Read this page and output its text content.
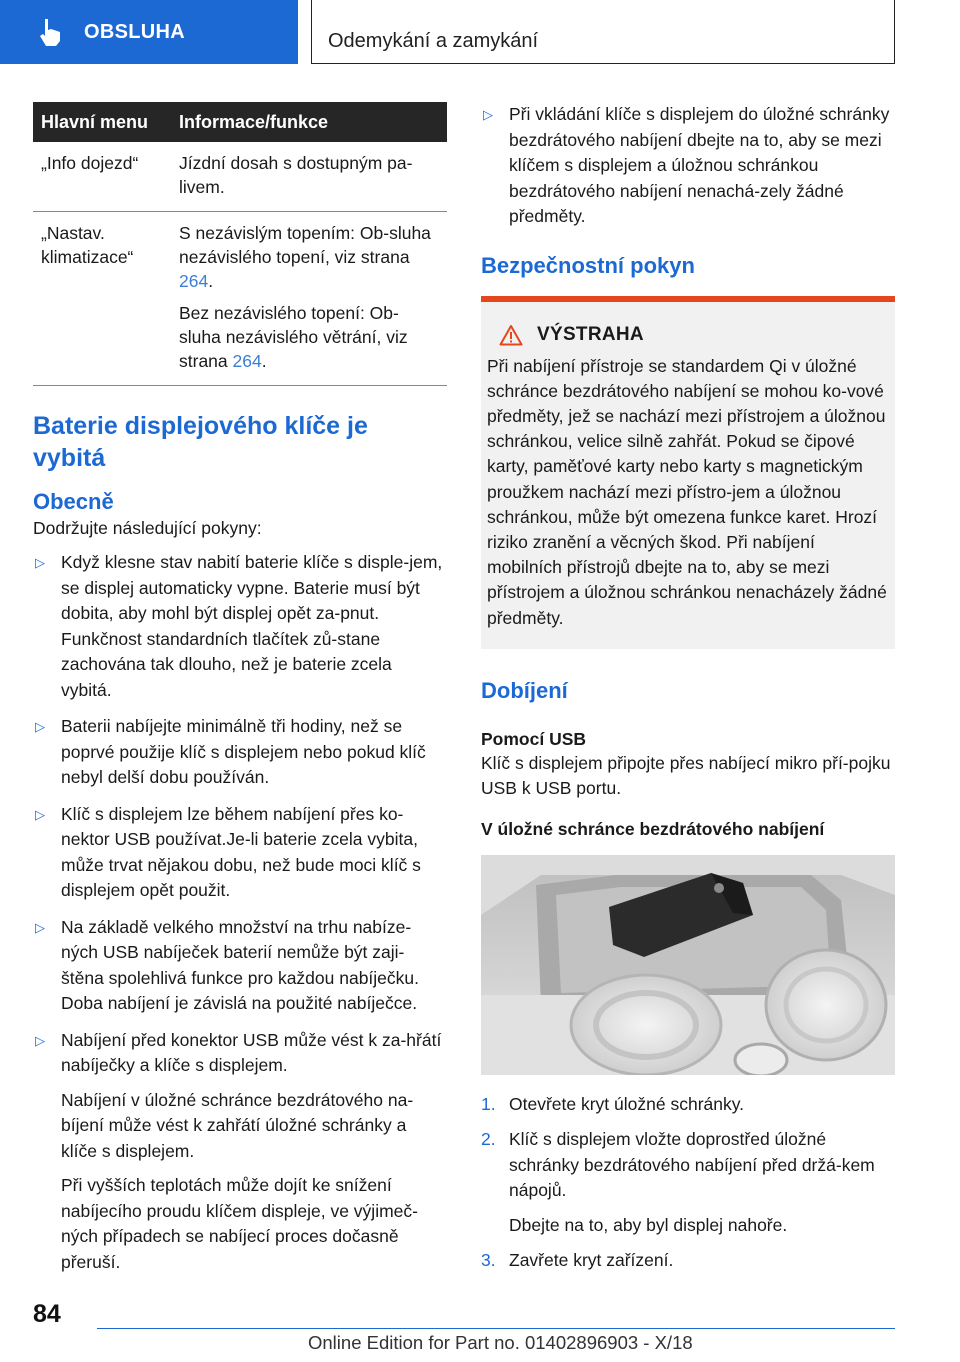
OBSLUHA	Odemykání a zamykání
Hlavní menu	Informace/funkce
„Info dojezd“	Jízdní dosah s dostupným pa-livem.

„Nastav. klimatizace“	S nezávislým topením: Ob-sluha nezávislého topení, viz strana 264.

Bez nezávislého topení: Ob-sluha nezávislého větrání, viz strana 264.

Baterie displejového klíče je vybitá
Obecně

Dodržujte následující pokyny:

▷ Když klesne stav nabití baterie klíče s disple-jem, se displej automaticky vypne. Baterie musí být dobita, aby mohl být displej opět za-pnut. Funkčnost standardních tlačítek zů-stane zachována tak dlouho, než je baterie zcela vybitá.

▷ Baterii nabíjejte minimálně tři hodiny, než se poprvé použije klíč s displejem nebo pokud klíč nebyl delší dobu používán.

▷ Klíč s displejem lze během nabíjení přes ko-nektor USB používat.Je-li baterie zcela vybita, může trvat nějakou dobu, než bude moci klíč s displejem opět použit.

▷ Na základě velkého množství na trhu nabíze-ných USB nabíječek baterií nemůže být zaji-štěna spolehlivá funkce pro každou nabíječku. Doba nabíjení je závislá na použité nabíječce.

▷ Nabíjení před konektor USB může vést k za-hřátí nabíječky a klíče s displejem.

Nabíjení v úložné schránce bezdrátového na-bíjení může vést k zahřátí úložné schránky a klíče s displejem.

Při vyšších teplotách může dojít ke snížení nabíjecího proudu klíčem displeje, ve výjimeč-ných případech se nabíjecí proces dočasně přeruší.

▷ Při vkládání klíče s displejem do úložné schránky bezdrátového nabíjení dbejte na to, aby se mezi klíčem s displejem a úložnou schránkou bezdrátového nabíjení nenachá-zely žádné předměty.

Bezpečnostní pokyn
VÝSTRAHA

Při nabíjení přístroje se standardem Qi v úložné schránce bezdrátového nabíjení se mohou ko-vové předměty, jež se nachází mezi přístrojem a úložnou schránkou, velice silně zahřát. Pokud se čipové karty, paměťové karty nebo karty s magnetickým proužkem nachází mezi přístro-jem a úložnou schránkou, může být omezena funkce karet. Hrozí riziko zranění a věcných škod. Při nabíjení mobilních přístrojů dbejte na to, aby se mezi přístrojem a úložnou schránkou nenacházely žádné předměty.

Dobíjení
Pomocí USB

Klíč s displejem připojte přes nabíjecí mikro pří-pojku USB k USB portu.

V úložné schránce bezdrátového nabíjení
1. Otevřete kryt úložné schránky.

2. Klíč s displejem vložte doprostřed úložné schránky bezdrátového nabíjení před držá-kem nápojů.

Dbejte na to, aby byl displej nahoře.

3. Zavřete kryt zařízení.

84
Online Edition for Part no. 01402896903 - X/18
